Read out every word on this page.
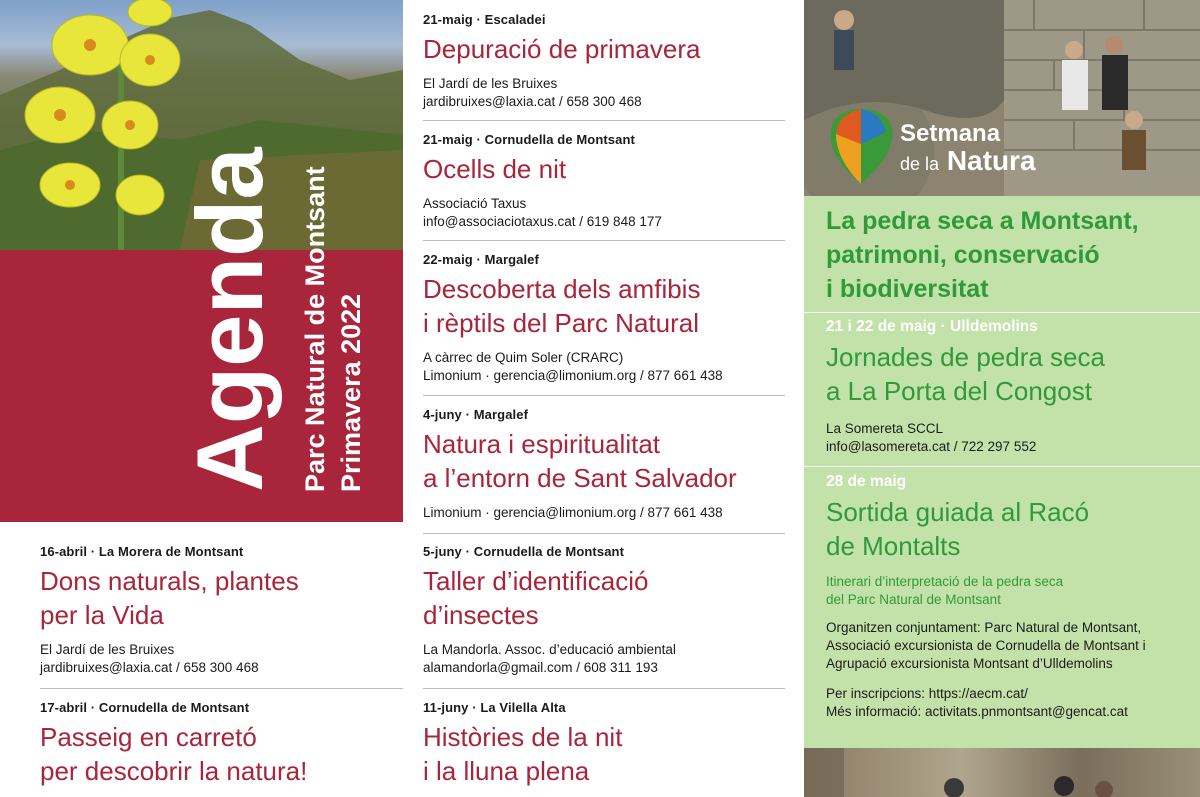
Agenda Parc Natural de Montsant Primavera 2022
16-abril · La Morera de Montsant
Dons naturals, plantes
per la Vida
El Jardí de les Bruixes
jardibruixes@laxia.cat / 658 300 468
17-abril · Cornudella de Montsant
Passeig en carretó
per descobrir la natura!
21-maig · Escaladei
Depuració de primavera
El Jardí de les Bruixes
jardibruixes@laxia.cat / 658 300 468
21-maig · Cornudella de Montsant
Ocells de nit
Associació Taxus
info@associaciotaxus.cat / 619 848 177
22-maig · Margalef
Descoberta dels amfibis
i rèptils del Parc Natural
A càrrec de Quim Soler (CRARC)
Limonium · gerencia@limonium.org / 877 661 438
4-juny · Margalef
Natura i espiritualitat
a l’entorn de Sant Salvador
Limonium · gerencia@limonium.org / 877 661 438
5-juny · Cornudella de Montsant
Taller d’identificació
d’insectes
La Mandorla. Assoc. d’educació ambiental
alamandorla@gmail.com / 608 311 193
11-juny · La Vilella Alta
Històries de la nit
i la lluna plena
Setmana
de la Natura
La pedra seca a Montsant,
patrimoni, conservació
i biodiversitat
21 i 22 de maig · Ulldemolins
Jornades de pedra seca
a La Porta del Congost
La Somereta SCCL
info@lasomereta.cat / 722 297 552
28 de maig
Sortida guiada al Racó
de Montalts
Itinerari d’interpretació de la pedra seca
del Parc Natural de Montsant
Organitzen conjuntament: Parc Natural de Montsant,
Associació excursionista de Cornudella de Montsant i
Agrupació excursionista Montsant d’Ulldemolins
Per inscripcions: https://aecm.cat/
Més informació: activitats.pnmontsant@gencat.cat
